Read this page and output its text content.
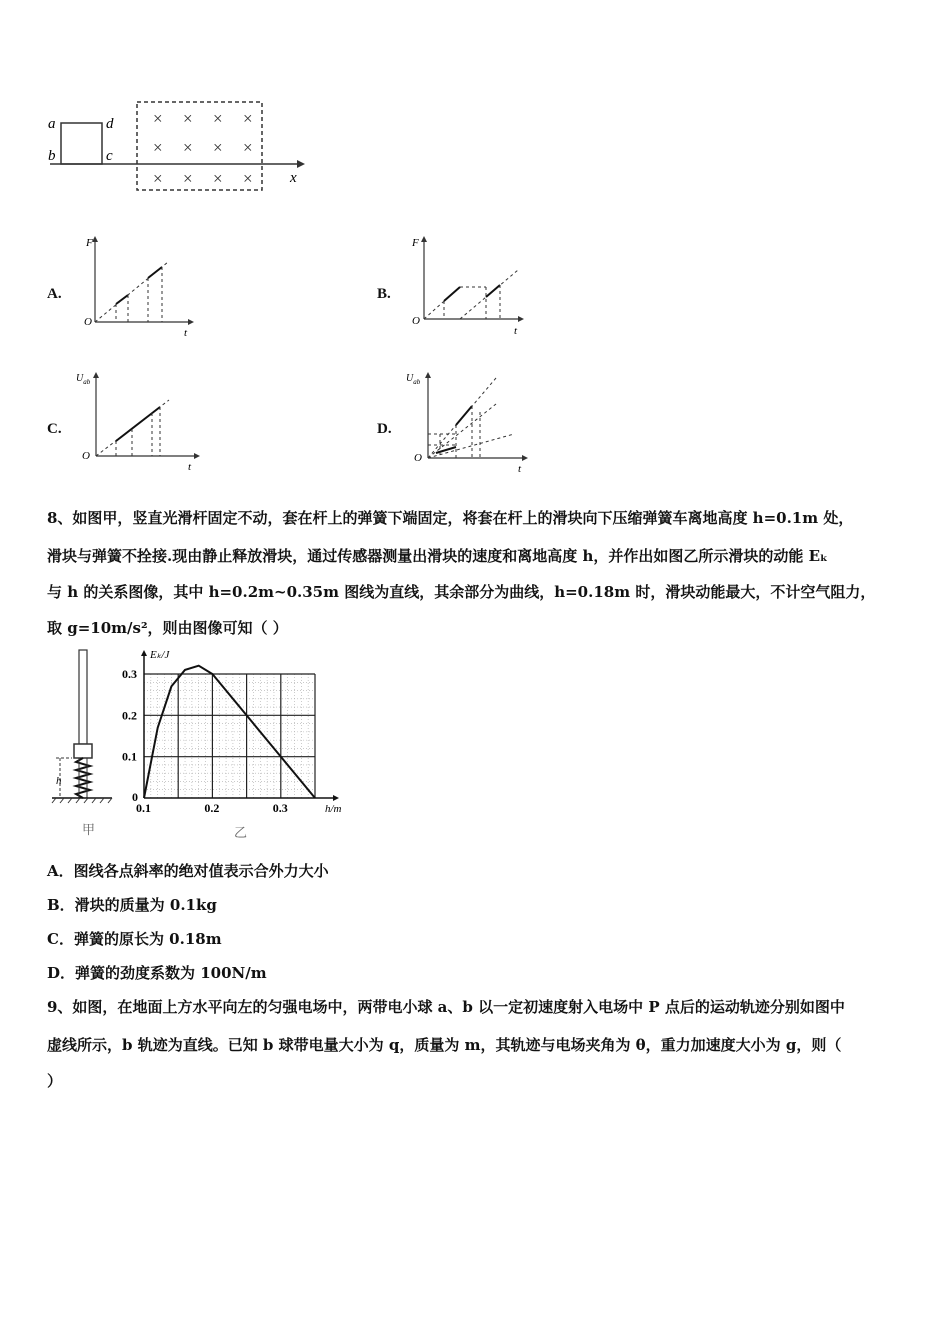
a
b	c
d
x
× × × ×
× × × ×
× × × ×
A.
F
t
O
B.
F
t
O
C.
$U_{ab}$
t
O
D.
$U_{ab}$
t
O
8、如图甲，竖直光滑杆固定不动，套在杆上的弹簧下端固定，将套在杆上的滑块向下压缩弹簧车离地高度 h=0.1m 处，
滑块与弹簧不拴接.现由静止释放滑块，通过传感器测量出滑块的速度和离地高度 h，并作出如图乙所示滑块的动能 Eₖ
与 h 的关系图像，其中 h=0.2m~0.35m 图线为直线，其余部分为曲线，h=0.18m 时，滑块动能最大，不计空气阻力，
取 g=10m/s²，则由图像可知（ ）
h
甲
0.1	0.2	0.3
0.1
0.2
0.3
0
Eₖ/J
h/m
乙
A．图线各点斜率的绝对值表示合外力大小
B．滑块的质量为 0.1kg
C．弹簧的原长为 0.18m
D．弹簧的劲度系数为 100N/m
9、如图，在地面上方水平向左的匀强电场中，两带电小球 a、b 以一定初速度射入电场中 P 点后的运动轨迹分别如图中
虚线所示，b 轨迹为直线。已知 b 球带电量大小为 q，质量为 m，其轨迹与电场夹角为 θ，重力加速度大小为 g，则（
）
